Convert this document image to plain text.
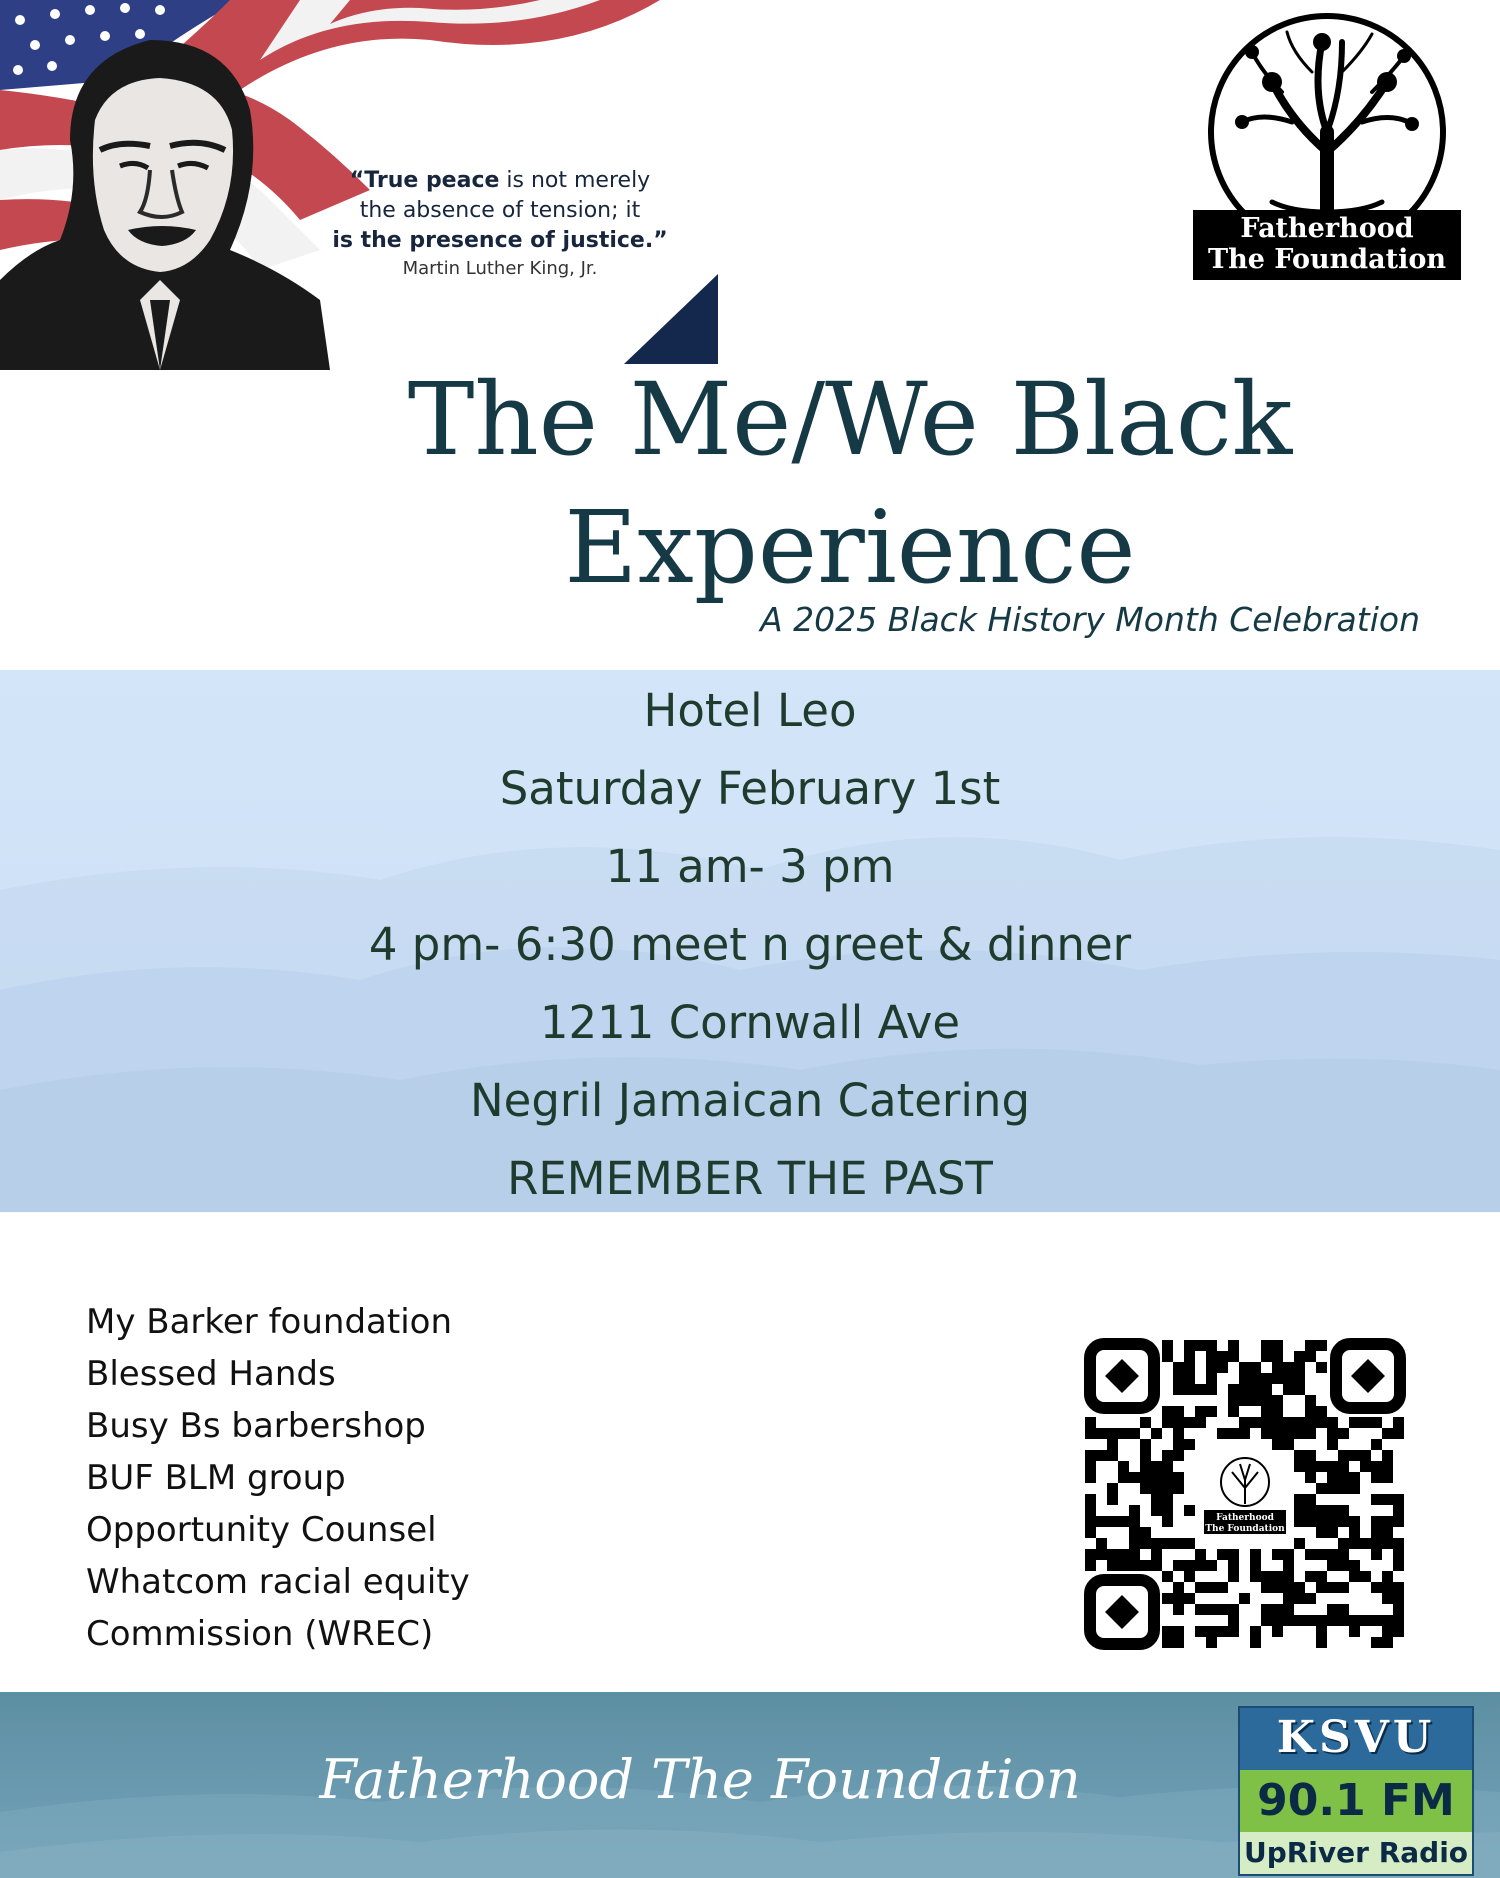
“True peace is not merely
the absence of tension; it
is the presence of justice.”
Martin Luther King, Jr.
Fatherhood
The Foundation
The Me/We Black
Experience
A 2025 Black History Month Celebration
Hotel Leo
Saturday February 1st
11 am- 3 pm
4 pm- 6:30 meet n greet & dinner
1211 Cornwall Ave
Negril Jamaican Catering
REMEMBER THE PAST
My Barker foundation
Blessed Hands
Busy Bs barbershop
BUF BLM group
Opportunity Counsel
Whatcom racial equity
Commission (WREC)
Fatherhood
The Foundation
Fatherhood The Foundation
KSVU
90.1 FM
UpRiver Radio
